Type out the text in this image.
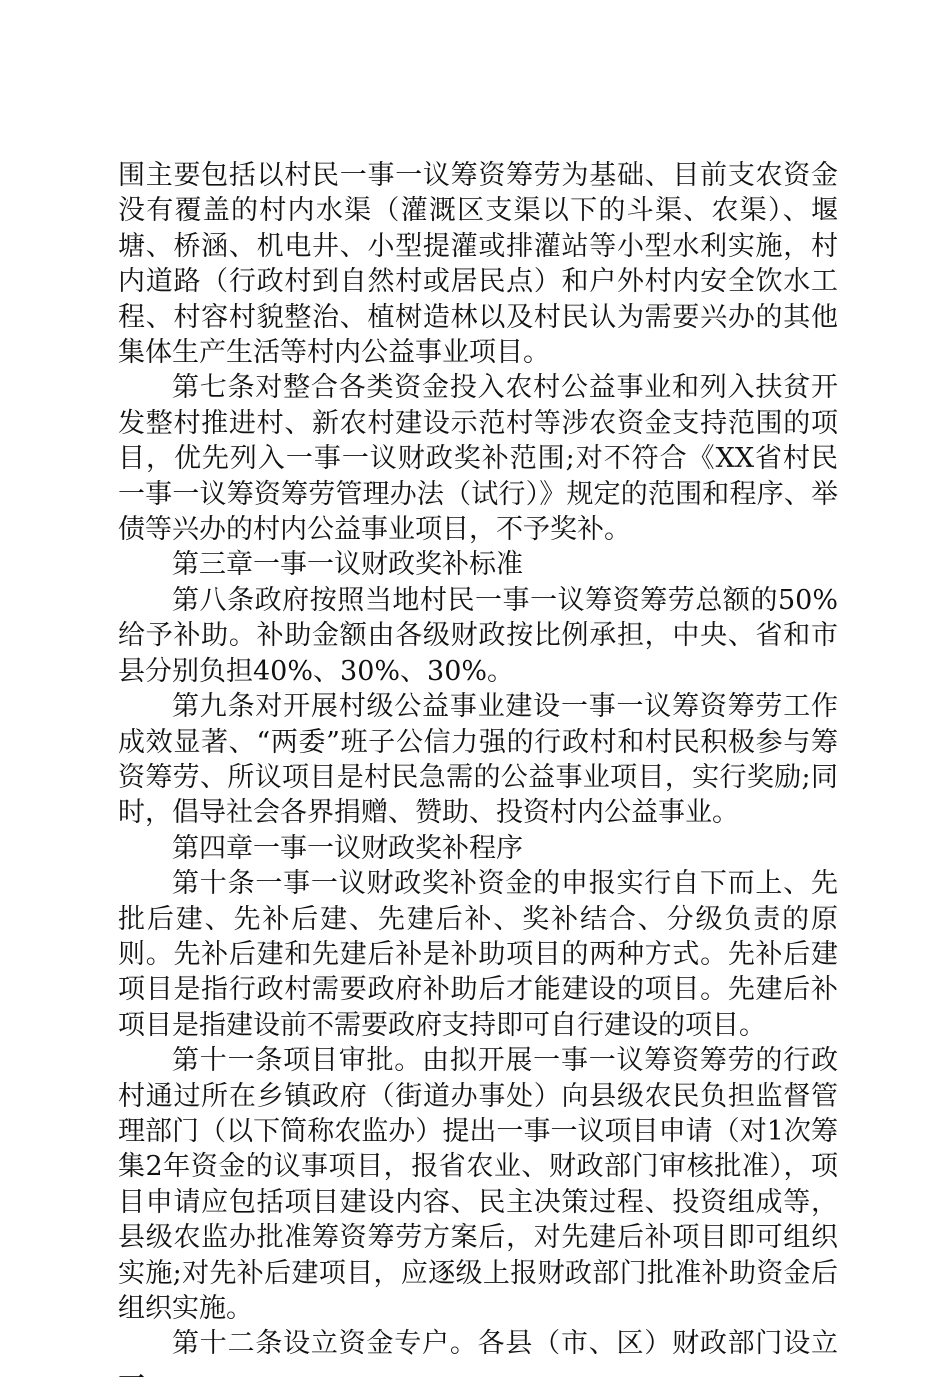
围主要包括以村民一事一议筹资筹劳为基础、目前支农资金没有覆盖的村内水渠（灌溉区支渠以下的斗渠、农渠）、堰塘、桥涵、机电井、小型提灌或排灌站等小型水利实施，村内道路（行政村到自然村或居民点）和户外村内安全饮水工程、村容村貌整治、植树造林以及村民认为需要兴办的其他集体生产生活等村内公益事业项目。

第七条对整合各类资金投入农村公益事业和列入扶贫开发整村推进村、新农村建设示范村等涉农资金支持范围的项目，优先列入一事一议财政奖补范围;对不符合《XX省村民一事一议筹资筹劳管理办法（试行）》规定的范围和程序、举债等兴办的村内公益事业项目，不予奖补。

第三章一事一议财政奖补标准

第八条政府按照当地村民一事一议筹资筹劳总额的50%给予补助。补助金额由各级财政按比例承担，中央、省和市县分别负担40%、30%、30%。

第九条对开展村级公益事业建设一事一议筹资筹劳工作成效显著、“两委”班子公信力强的行政村和村民积极参与筹资筹劳、所议项目是村民急需的公益事业项目，实行奖励;同时，倡导社会各界捐赠、赞助、投资村内公益事业。

第四章一事一议财政奖补程序

第十条一事一议财政奖补资金的申报实行自下而上、先批后建、先补后建、先建后补、奖补结合、分级负责的原则。先补后建和先建后补是补助项目的两种方式。先补后建项目是指行政村需要政府补助后才能建设的项目。先建后补项目是指建设前不需要政府支持即可自行建设的项目。

第十一条项目审批。由拟开展一事一议筹资筹劳的行政村通过所在乡镇政府（街道办事处）向县级农民负担监督管理部门（以下简称农监办）提出一事一议项目申请（对1次筹集2年资金的议事项目，报省农业、财政部门审核批准），项目申请应包括项目建设内容、民主决策过程、投资组成等，县级农监办批准筹资筹劳方案后，对先建后补项目即可组织实施;对先补后建项目，应逐级上报财政部门批准补助资金后组织实施。

第十二条设立资金专户。各县（市、区）财政部门设立一
